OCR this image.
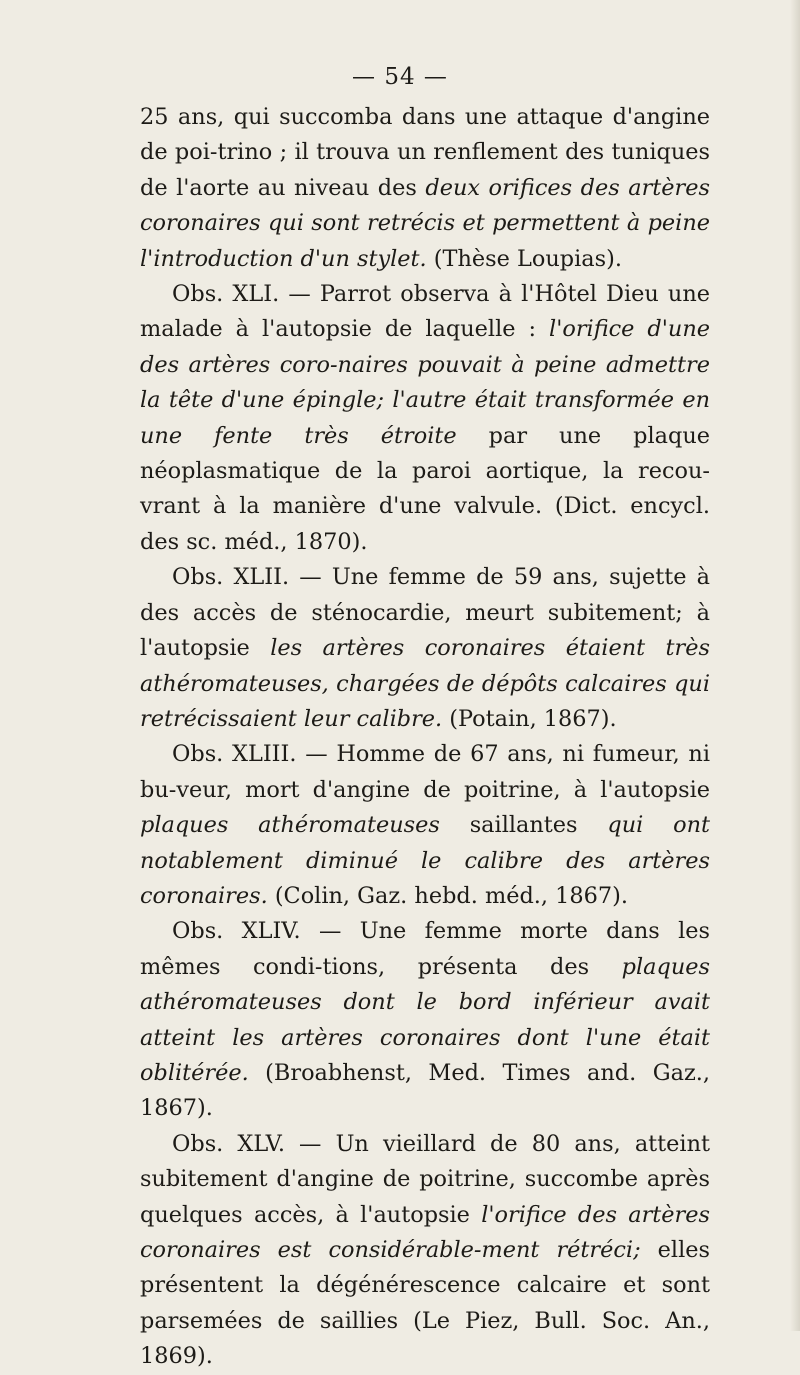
— 54 —

25 ans, qui succomba dans une attaque d'angine de poi-trino ; il trouva un renflement des tuniques de l'aorte au niveau des deux orifices des artères coronaires qui sont retrécis et permettent à peine l'introduction d'un stylet. (Thèse Loupias).

Obs. XLI. — Parrot observa à l'Hôtel Dieu une malade à l'autopsie de laquelle : l'orifice d'une des artères coro-naires pouvait à peine admettre la tête d'une épingle; l'autre était transformée en une fente très étroite par une plaque néoplasmatique de la paroi aortique, la recou-vrant à la manière d'une valvule. (Dict. encycl. des sc. méd., 1870).

Obs. XLII. — Une femme de 59 ans, sujette à des accès de sténocardie, meurt subitement; à l'autopsie les artères coronaires étaient très athéromateuses, chargées de dépôts calcaires qui retrécissaient leur calibre. (Potain, 1867).

Obs. XLIII. — Homme de 67 ans, ni fumeur, ni bu-veur, mort d'angine de poitrine, à l'autopsie plaques athéromateuses saillantes qui ont notablement diminué le calibre des artères coronaires. (Colin, Gaz. hebd. méd., 1867).

Obs. XLIV. — Une femme morte dans les mêmes condi-tions, présenta des plaques athéromateuses dont le bord inférieur avait atteint les artères coronaires dont l'une était oblitérée. (Broabhenst, Med. Times and. Gaz., 1867).

Obs. XLV. — Un vieillard de 80 ans, atteint subitement d'angine de poitrine, succombe après quelques accès, à l'autopsie l'orifice des artères coronaires est considérable-ment rétréci; elles présentent la dégénérescence calcaire et sont parsemées de saillies (Le Piez, Bull. Soc. An., 1869).
